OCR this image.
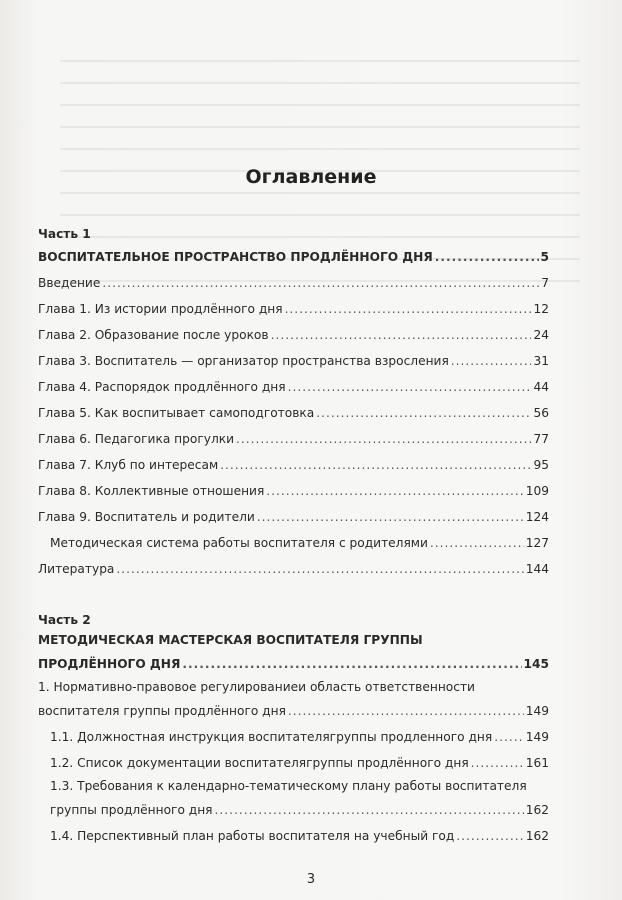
Оглавление
Часть 1
ВОСПИТАТЕЛЬНОЕ ПРОСТРАНСТВО ПРОДЛЁННОГО ДНЯ .....	5
Введение .....	7
Глава 1. Из истории продлённого дня .....	12
Глава 2. Образование после уроков .....	24
Глава 3. Воспитатель — организатор пространства взросления .....	31
Глава 4. Распорядок продлённого дня .....	44
Глава 5. Как воспитывает самоподготовка .....	56
Глава 6. Педагогика прогулки .....	77
Глава 7. Клуб по интересам .....	95
Глава 8. Коллективные отношения .....	109
Глава 9. Воспитатель и родители .....	124
Методическая система работы воспитателя с родителями .....	127
Литература .....	144
Часть 2
МЕТОДИЧЕСКАЯ МАСТЕРСКАЯ ВОСПИТАТЕЛЯ ГРУППЫ
ПРОДЛЁННОГО ДНЯ .....	145
1. Нормативно-правовое регулированиеи область ответственности
воспитателя группы продлённого дня .....	149
1.1. Должностная инструкция воспитателягруппы продленного дня .....	149
1.2. Список документации воспитателягруппы продлённого дня .....	161
1.3. Требования к календарно-тематическому плану работы воспитателя
группы продлённого дня .....	162
1.4. Перспективный план работы воспитателя на учебный год .....	162
3
